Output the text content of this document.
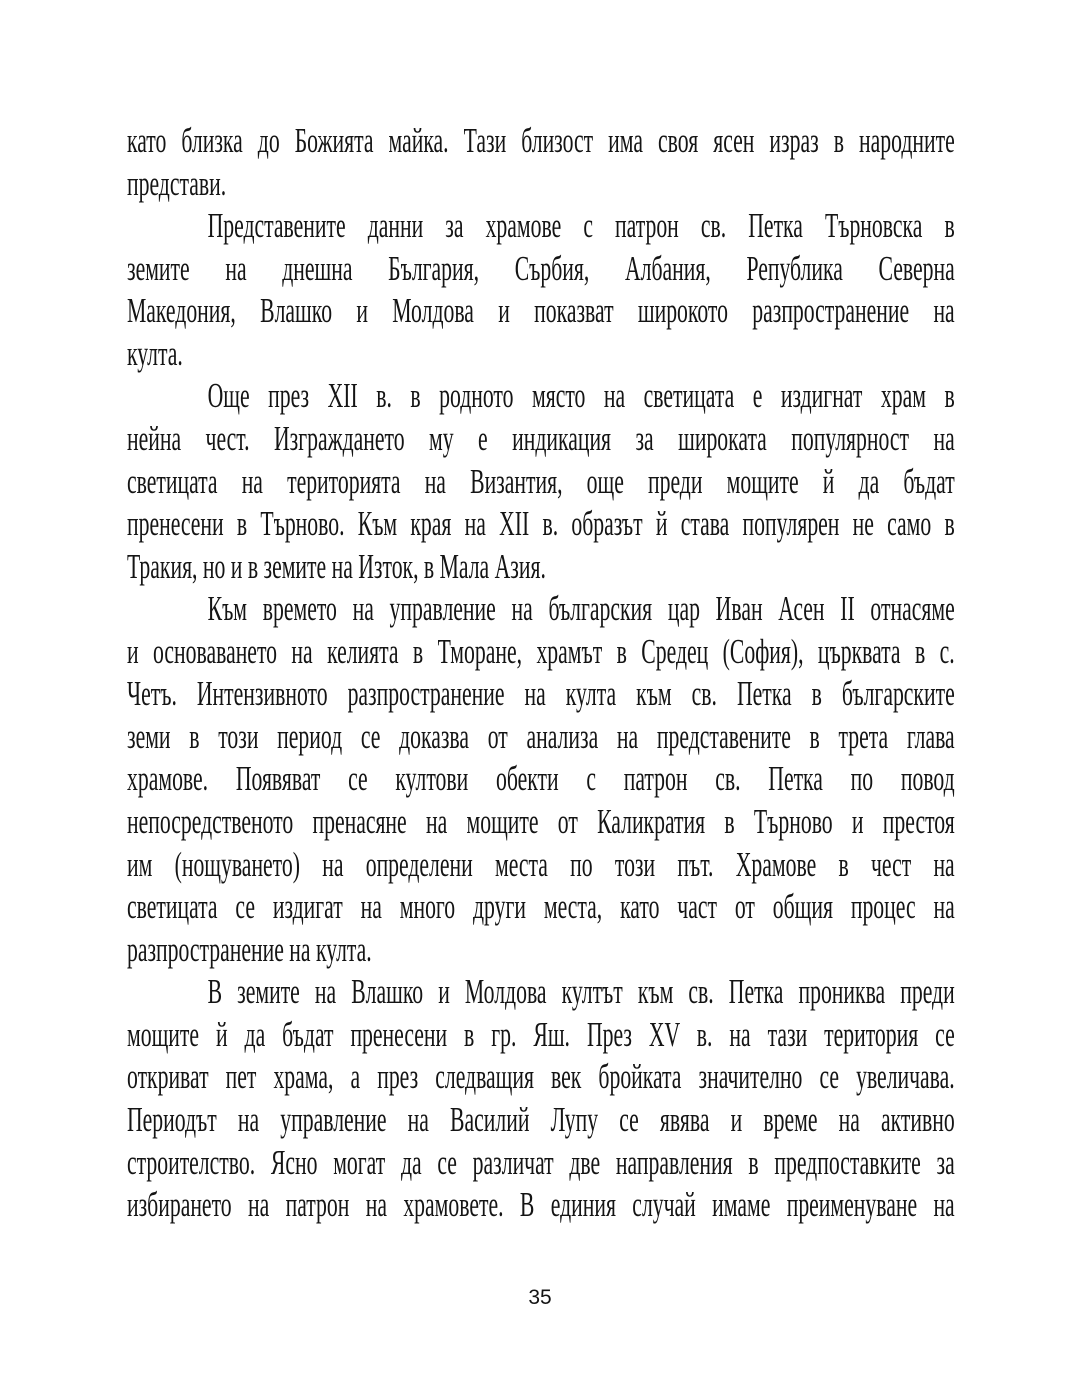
като близка до Божията майка. Тази близост има своя ясен израз в народните
представи.
Представените данни за храмове с патрон св. Петка Търновска в
земите на днешна България, Сърбия, Албания, Република Северна
Македония, Влашко и Молдова и показват широкото разпространение на
култа.
Още през XII в. в родното място на светицата е издигнат храм в
нейна чест. Изграждането му е индикация за широката популярност на
светицата на територията на Византия, още преди мощите й да бъдат
пренесени в Търново. Към края на XII в. образът й става популярен не само в
Тракия, но и в земите на Изток, в Мала Азия.
Към времето на управление на българския цар Иван Асен II отнасяме
и основаването на келията в Тморане, храмът в Средец (София), църквата в с.
Четъ. Интензивното разпространение на култа към св. Петка в българските
земи в този период се доказва от анализа на представените в трета глава
храмове. Появяват се култови обекти с патрон св. Петка по повод
непосредственото пренасяне на мощите от Каликратия в Търново и престоя
им (нощуването) на определени места по този път. Храмове в чест на
светицата се издигат на много други места, като част от общия процес на
разпространение на култа.
В земите на Влашко и Молдова култът към св. Петка прониква преди
мощите й да бъдат пренесени в гр. Яш. През XV в. на тази територия се
откриват пет храма, а през следващия век бройката значително се увеличава.
Периодът на управление на Василий Лупу се явява и време на активно
строителство. Ясно могат да се различат две направления в предпоставките за
избирането на патрон на храмовете. В единия случай имаме преименуване на
35
